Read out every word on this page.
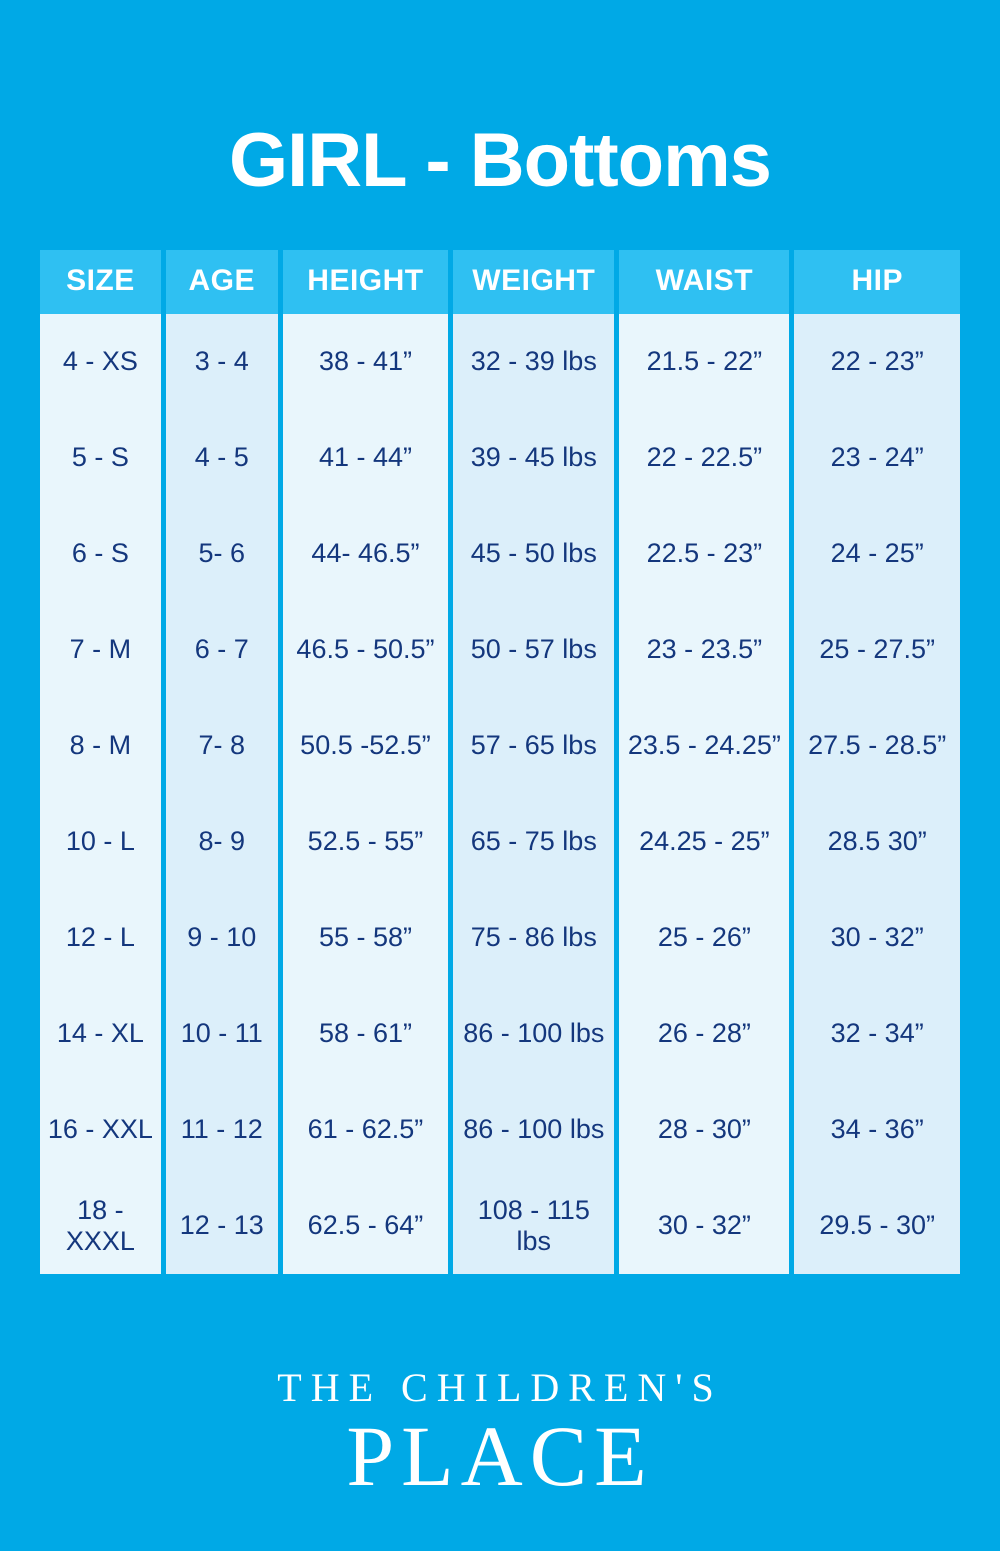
GIRL - Bottoms
SIZE	AGE	HEIGHT	WEIGHT	WAIST	HIP
4 - XS	3 - 4	38 - 41”	32 - 39 lbs	21.5 - 22”	22 - 23”
5 - S	4 - 5	41 - 44”	39 - 45 lbs	22 - 22.5”	23 - 24”
6 - S	5- 6	44- 46.5”	45 - 50 lbs	22.5 - 23”	24 - 25”
7 - M	6 - 7	46.5 - 50.5”	50 - 57 lbs	23 - 23.5”	25 - 27.5”
8 - M	7- 8	50.5 -52.5”	57 - 65 lbs	23.5 - 24.25”	27.5 - 28.5”
10 - L	8- 9	52.5 - 55”	65 - 75 lbs	24.25 - 25”	28.5 30”
12 - L	9 - 10	55 - 58”	75 - 86 lbs	25 - 26”	30 - 32”
14 - XL	10 - 11	58 - 61”	86 - 100 lbs	26 - 28”	32 - 34”
16 - XXL	11 - 12	61 - 62.5”	86 - 100 lbs	28 - 30”	34 - 36”
18 - XXXL	12 - 13	62.5 - 64”	108 - 115 lbs	30 - 32”	29.5 - 30”
THE CHILDREN'S
PLACE
